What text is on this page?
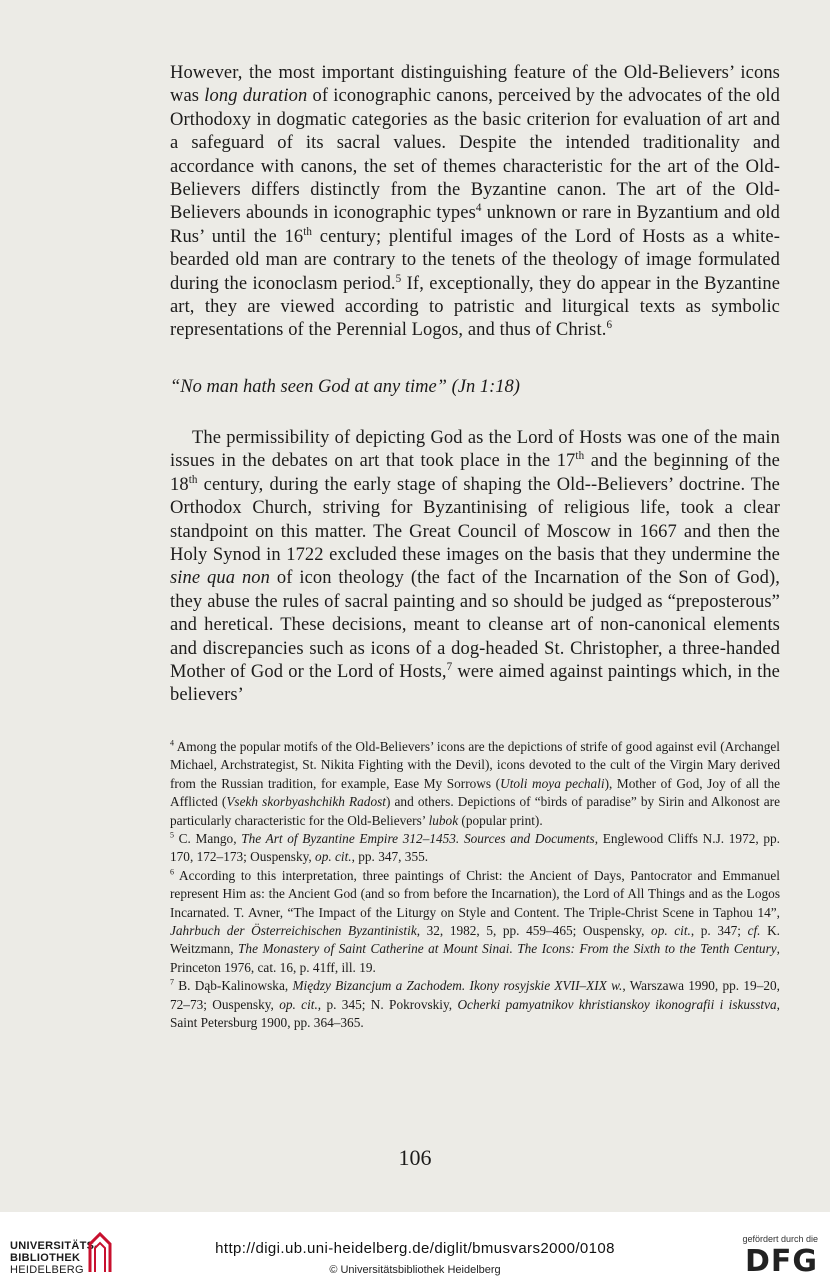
However, the most important distinguishing feature of the Old-Believers’ icons was long duration of iconographic canons, perceived by the advocates of the old Orthodoxy in dogmatic categories as the basic criterion for evaluation of art and a safeguard of its sacral values. Despite the intended traditionality and accordance with canons, the set of themes characteristic for the art of the Old-Believers differs distinctly from the Byzantine canon. The art of the Old-Believers abounds in iconographic types$^4$ unknown or rare in Byzantium and old Rus’ until the 16th century; plentiful images of the Lord of Hosts as a white-bearded old man are contrary to the tenets of the theology of image formulated during the iconoclasm period.$^5$ If, exceptionally, they do appear in the Byzantine art, they are viewed according to patristic and liturgical texts as symbolic representations of the Perennial Logos, and thus of Christ.$^6$
“No man hath seen God at any time” (Jn 1:18)
The permissibility of depicting God as the Lord of Hosts was one of the main issues in the debates on art that took place in the 17th and the beginning of the 18th century, during the early stage of shaping the Old--Believers’ doctrine. The Orthodox Church, striving for Byzantinising of religious life, took a clear standpoint on this matter. The Great Council of Moscow in 1667 and then the Holy Synod in 1722 excluded these images on the basis that they undermine the sine qua non of icon theology (the fact of the Incarnation of the Son of God), they abuse the rules of sacral painting and so should be judged as “preposterous” and heretical. These decisions, meant to cleanse art of non-canonical elements and discrepancies such as icons of a dog-headed St. Christopher, a three-handed Mother of God or the Lord of Hosts,$^7$ were aimed against paintings which, in the believers’

$^4$ Among the popular motifs of the Old-Believers’ icons are the depictions of strife of good against evil (Archangel Michael, Archstrategist, St. Nikita Fighting with the Devil), icons devoted to the cult of the Virgin Mary derived from the Russian tradition, for example, Ease My Sorrows (Utoli moya pechali), Mother of God, Joy of all the Afflicted (Vsekh skorbyashchikh Radost) and others. Depictions of “birds of paradise” by Sirin and Alkonost are particularly characteristic for the Old-Believers’ lubok (popular print).

$^5$ C. Mango, The Art of Byzantine Empire 312–1453. Sources and Documents, Englewood Cliffs N.J. 1972, pp. 170, 172–173; Ouspensky, op. cit., pp. 347, 355.

$^6$ According to this interpretation, three paintings of Christ: the Ancient of Days, Pantocrator and Emmanuel represent Him as: the Ancient God (and so from before the Incarnation), the Lord of All Things and as the Logos Incarnated. T. Avner, “The Impact of the Liturgy on Style and Content. The Triple-Christ Scene in Taphou 14”, Jahrbuch der Österreichischen Byzantinistik, 32, 1982, 5, pp. 459–465; Ouspensky, op. cit., p. 347; cf. K. Weitzmann, The Monastery of Saint Catherine at Mount Sinai. The Icons: From the Sixth to the Tenth Century, Princeton 1976, cat. 16, p. 41ff, ill. 19.

$^7$ B. Dąb-Kalinowska, Między Bizancjum a Zachodem. Ikony rosyjskie XVII–XIX w., Warszawa 1990, pp. 19–20, 72–73; Ouspensky, op. cit., p. 345; N. Pokrovskiy, Ocherki pamyatnikov khristianskoy ikonografii i iskusstva, Saint Petersburg 1900, pp. 364–365.

106
UNIVERSITÄTS-
BIBLIOTHEK
HEIDELBERG
http://digi.ub.uni-heidelberg.de/diglit/bmusvars2000/0108
© Universitätsbibliothek Heidelberg
gefördert durch die
DFG
